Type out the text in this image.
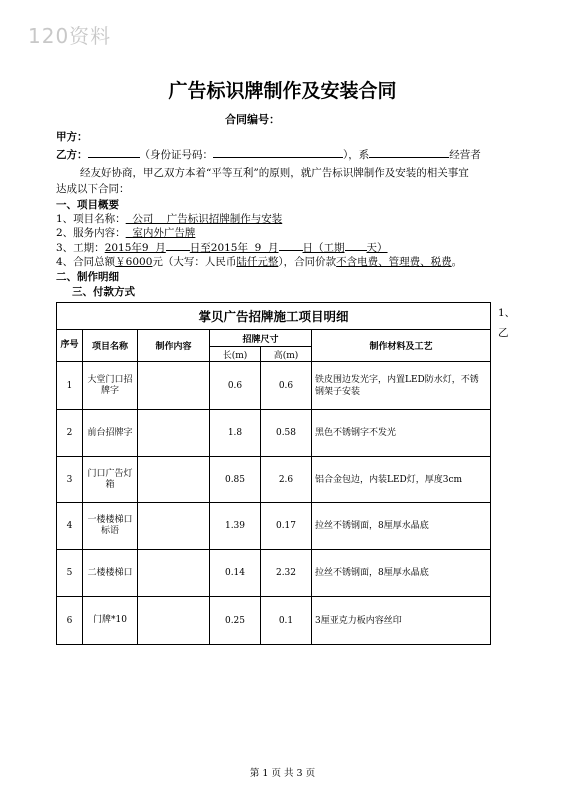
120资料
广告标识牌制作及安装合同
合同编号：
甲方：
乙方：	（身份证号码：	），系	经营者
经友好协商，甲乙双方本着“平等互利”的原则，就广告标识牌制作及安装的相关事宜
达成以下合同：
一、项目概要
1、项目名称：  公司    广告标识招牌制作与安装
2、服务内容：  室内外广告牌
3、工期：2015年9  月 日至2015年  9  月 日（工期 天）
4、合同总额￥6000元（大写：人民币陆仟元整），合同价款不含电费、管理费、税费。
二、制作明细
三、付款方式
1、
乙
掌贝广告招牌施工项目明细					
序号	项目名称	制作内容	招牌尺寸		制作材料及工艺
			长(m)	高(m)	
1	大堂门口招牌字		0.6	0.6	铁皮围边发光字，内置LED防水灯，不锈钢架子安装
2	前台招牌字		1.8	0.58	黑色不锈钢字不发光
3	门口广告灯箱		0.85	2.6	铝合金包边，内装LED灯，厚度3cm
4	一楼楼梯口标语		1.39	0.17	拉丝不锈钢面，8厘厚水晶底
5	二楼楼梯口		0.14	2.32	拉丝不锈钢面，8厘厚水晶底
6	门牌*10		0.25	0.1	3厘亚克力板内容丝印
第 1 页 共 3 页
